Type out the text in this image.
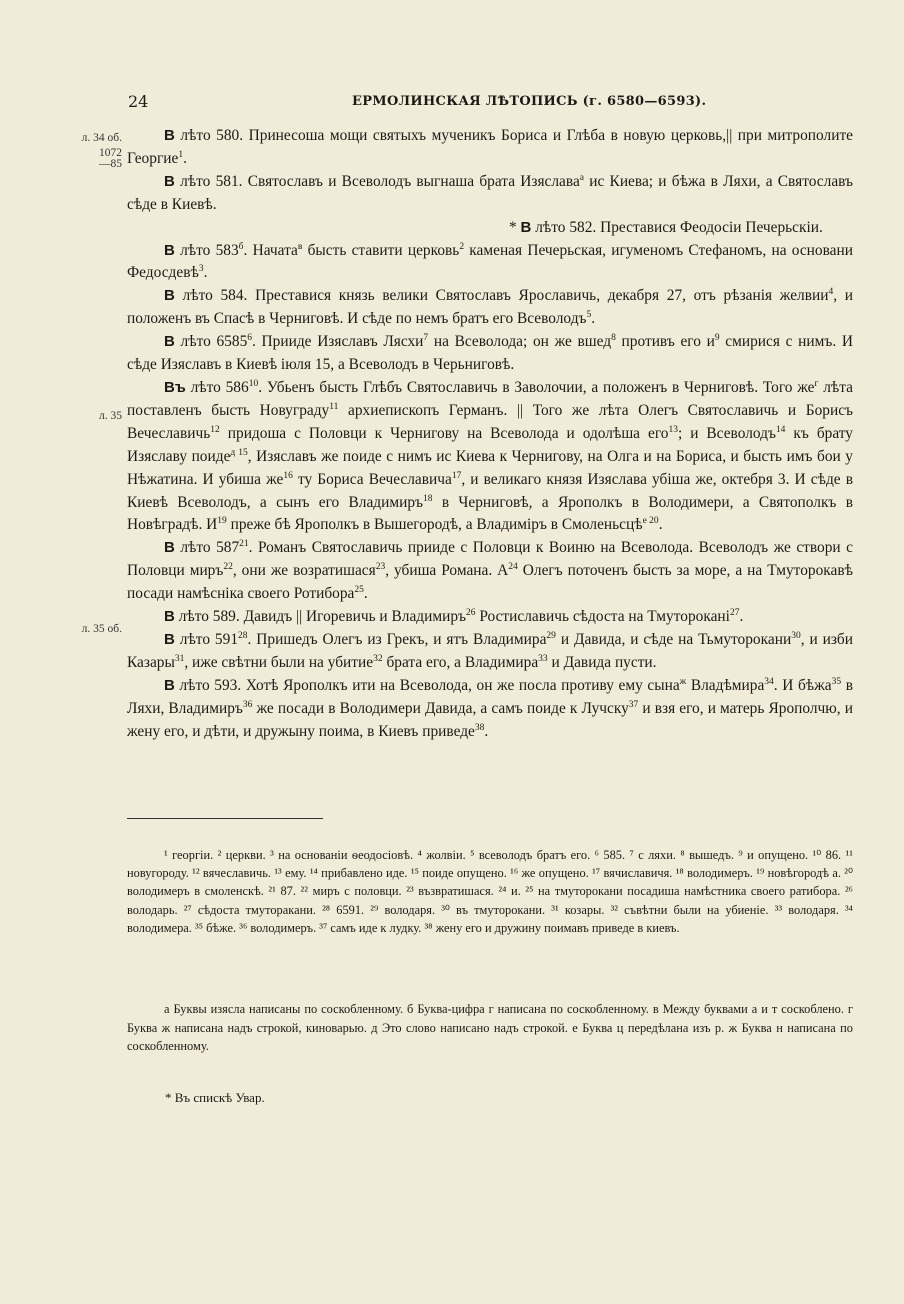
24	ЕРМОЛИНСКАЯ ЛѢТОПИСЬ (г. 6580—6593).
л. 34 об.
1072
—85
л. 35
л. 35 об.

В лѣто 580. Принесоша мощи святыхъ мученикъ Бориса и Глѣба в новую церковь,|| при митрополите Георгие$^1$.

В лѣто 581. Святославъ и Всеволодъ выгнаша брата Изяслава$^а$ ис Киева; и бѣжа в Ляхи, а Святославъ сѣде в Киевѣ.

* В лѣто 582. Преставися Феодосіи Печерьскіи.

В лѣто $583^б$. Начата$^в$ бысть ставити церковь$^2$ каменая Печерьская, игуменомъ Стефаномъ, на основани Федосдевѣ$^3$.

В лѣто 584. Преставися князь велики Святославъ Ярославичь, декабря 27, отъ рѣзанія желвии$^4$, и положенъ въ Спасѣ в Черниговѣ. И сѣде по немъ братъ его Всеволодъ$^5$.

В лѣто 6585$^6$. Прииде Изяславъ Лясхи$^7$ на Всеволода; он же вшед$^8$ противъ его $и^9$ смирися с нимъ. И сѣде Изяславъ в Киевѣ іюля 15, а Всеволодъ в Черьниговѣ.

Въ лѣто $586^{10}$. Убьенъ бысть Глѣбъ Святославичь в Заволочии, а положенъ в Черниговѣ. Того $же^г$ лѣта поставленъ бысть Новуграду$^{11}$ архиепископъ Германъ. || Того же лѣта Олегъ Святославичь и Борисъ Вечеславичь$^{12}$ придошa с Половци к Чернигову на Всеволода и одолѣша его$^{13}$; и Всеволодъ$^{14}$ къ брату Изяславу поиде$^{д 15}$, Изяславъ же поиде с нимъ ис Киева к Чернигову, на Олга и на Бориса, и бысть имъ бои у Нѣжатина. И убиша $же^{16}$ ту Бориса Вечеславича$^{17}$, и великаго князя Изяслава убіша же, октебря 3. И сѣде в Киевѣ Всеволодъ, а сынъ его Владимиръ$^{18}$ в Черниговѣ, а Ярополкъ в Володимери, а Святополкъ в Новѣградѣ. $И^{19}$ преже бѣ Ярополкъ в Вышегородѣ, а Владимiръ в Смоленьсцѣ$^{е 20}$.

В лѣто $587^{21}$. Романъ Святославичь прииде с Половци к Воиню на Всеволода. Всеволодъ же створи с Половци миръ$^{22}$, они же возратишася$^{23}$, убиша Романа. $А^{24}$ Олегъ поточенъ бысть за море, а на Тмуторокавѣ посади намѣсніка своего Ротибора$^{25}$.

В лѣто 589. Давидъ || Игоревичь и Владимиръ$^{26}$ Ростиславичь сѣдоста на Тмуторокані$^{27}$.

В лѣто $591^{28}$. Пришедъ Олегъ из Грекъ, и ятъ Владимира$^{29}$ и Давида, и сѣде на Тьмуторокани$^{30}$, и изби Казары$^{31}$, иже свѣтни были на убитие$^{32}$ брата его, а Владимира$^{33}$ и Давида пусти.

В лѣто 593. Хотѣ Ярополкъ ити на Всеволода, он же посла противу ему сына$^ж$ Владѣмира$^{34}$. И бѣжа$^{35}$ в Ляхи, Владимиръ$^{36}$ же посади в Володимери Давида, а самъ поиде к Лучску$^{37}$ и взя его, и матерь Ярополчю, и жену его, и дѣти, и дружыну поима, в Киевъ приведе$^{38}$.

¹ георгіи. ² церкви. ³ на основаніи ѳеодосіовѣ. ⁴ жолвіи. ⁵ всеволодъ братъ его. ⁶ 585. ⁷ с ляхи. ⁸ вышедъ. ⁹ и опущено. ¹⁰ 86. ¹¹ новугороду. ¹² вячеславичь. ¹³ ему. ¹⁴ прибавлено иде. ¹⁵ поиде опущено. ¹⁶ же опущено. ¹⁷ вячиславичя. ¹⁸ володимеръ. ¹⁹ новѣгородѣ а. ²⁰ володимеръ в смоленскѣ. ²¹ 87. ²² миръ с половци. ²³ възвратишася. ²⁴ и. ²⁵ на тмуторокани посадиша намѣстника своего ратибора. ²⁶ володарь. ²⁷ сѣдоста тмуторакани. ²⁸ 6591. ²⁹ володаря. ³⁰ въ тмуторокани. ³¹ козары. ³² съвѣтни были на убиеніе. ³³ володаря. ³⁴ володимера. ³⁵ бѣже. ³⁶ володимеръ. ³⁷ самъ иде к лудку. ³⁸ жену его и дружину поимавъ приведе в киевъ.

а Буквы изясла написаны по соскобленному. б Буква-цифра г написана по соскобленному. в Между буквами а и т соскоблено. г Буква ж написана надъ строкой, киноварью. д Это слово написано надъ строкой. е Буква ц передѣлана изъ р. ж Буква н написана по соскобленному.

* Въ спискѣ Увар.
